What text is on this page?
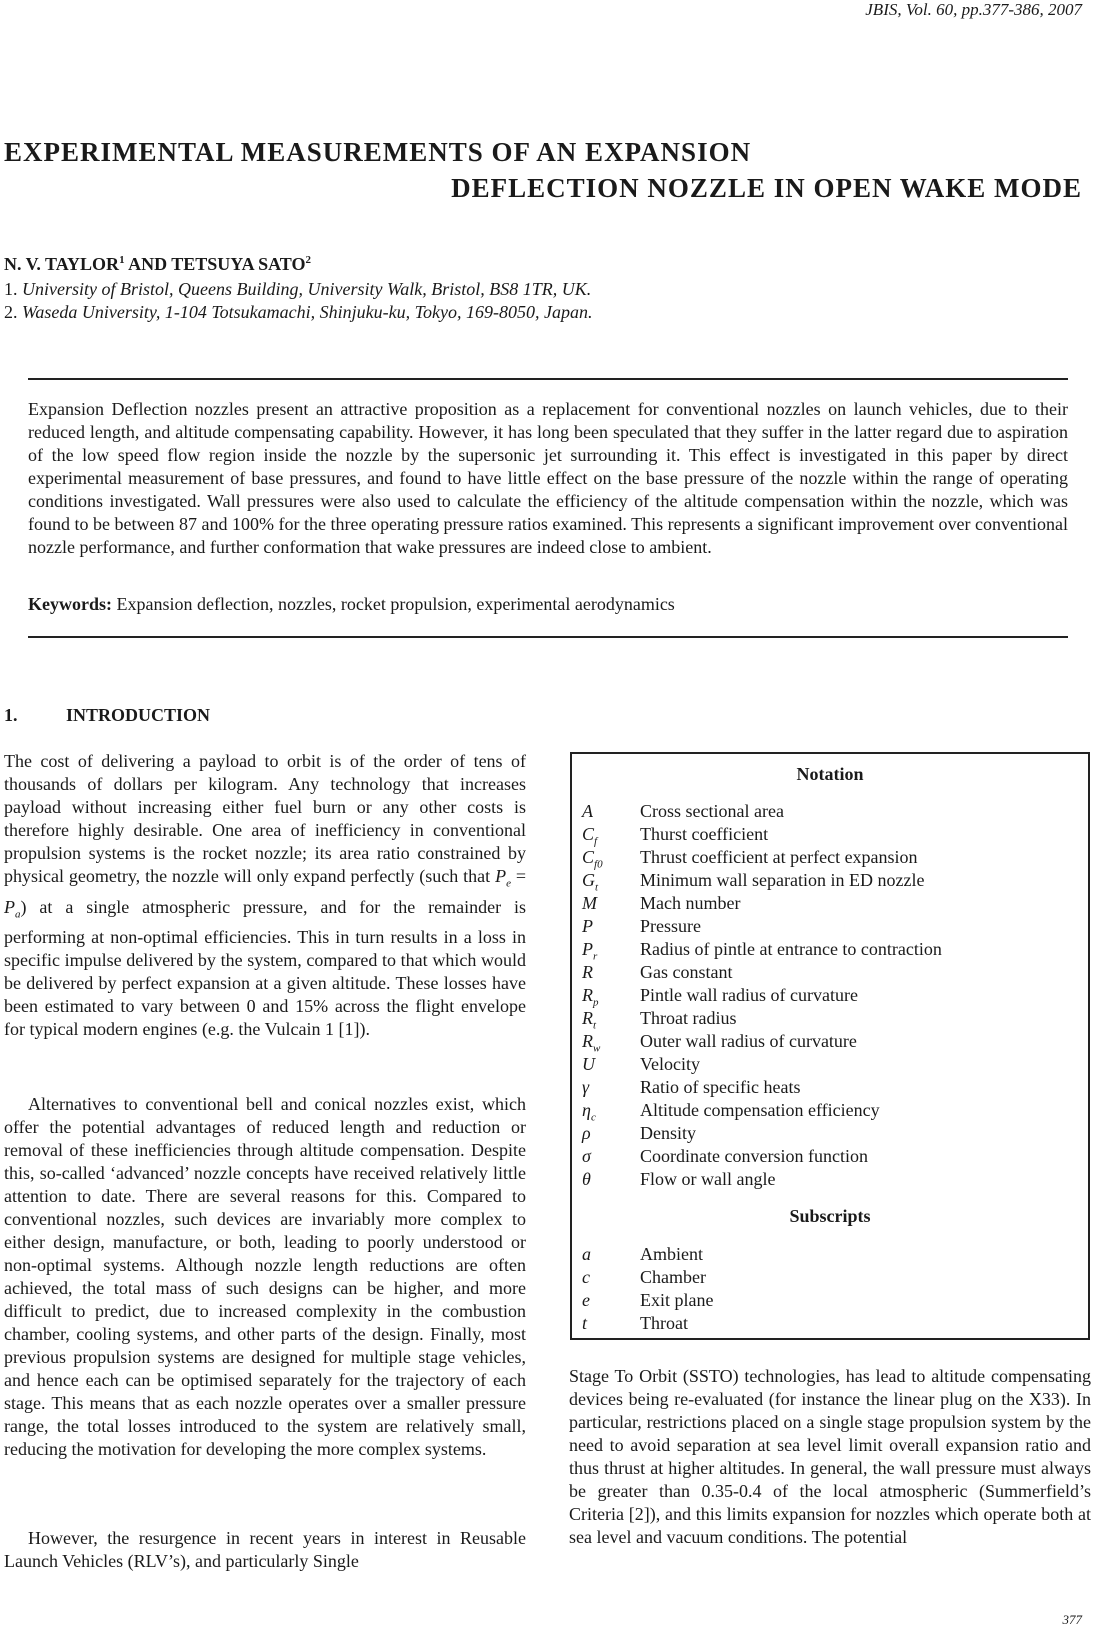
JBIS, Vol. 60, pp.377-386, 2007
EXPERIMENTAL MEASUREMENTS OF AN EXPANSION
DEFLECTION NOZZLE IN OPEN WAKE MODE
N. V. TAYLOR$^1$ AND TETSUYA SATO$^2$
1. University of Bristol, Queens Building, University Walk, Bristol, BS8 1TR, UK.
2. Waseda University, 1-104 Totsukamachi, Shinjuku-ku, Tokyo, 169-8050, Japan.
Expansion Deflection nozzles present an attractive proposition as a replacement for conventional nozzles on launch vehicles, due to their reduced length, and altitude compensating capability. However, it has long been speculated that they suffer in the latter regard due to aspiration of the low speed flow region inside the nozzle by the supersonic jet surrounding it. This effect is investigated in this paper by direct experimental measurement of base pressures, and found to have little effect on the base pressure of the nozzle within the range of operating conditions investigated. Wall pressures were also used to calculate the efficiency of the altitude compensation within the nozzle, which was found to be between 87 and 100% for the three operating pressure ratios examined. This represents a significant improvement over conventional nozzle performance, and further conformation that wake pressures are indeed close to ambient.
Keywords: Expansion deflection, nozzles, rocket propulsion, experimental aerodynamics
1.	INTRODUCTION

The cost of delivering a payload to orbit is of the order of tens of thousands of dollars per kilogram. Any technology that increases payload without increasing either fuel burn or any other costs is therefore highly desirable. One area of inefficiency in conventional propulsion systems is the rocket nozzle; its area ratio constrained by physical geometry, the nozzle will only expand perfectly (such that $P_e = P_a$) at a single atmospheric pressure, and for the remainder is performing at non-optimal efficiencies. This in turn results in a loss in specific impulse delivered by the system, compared to that which would be delivered by perfect expansion at a given altitude. These losses have been estimated to vary between 0 and 15% across the flight envelope for typical modern engines (e.g. the Vulcain 1 [1]).

Alternatives to conventional bell and conical nozzles exist, which offer the potential advantages of reduced length and reduction or removal of these inefficiencies through altitude compensation. Despite this, so-called ‘advanced’ nozzle concepts have received relatively little attention to date. There are several reasons for this. Compared to conventional nozzles, such devices are invariably more complex to either design, manufacture, or both, leading to poorly understood or non-optimal systems. Although nozzle length reductions are often achieved, the total mass of such designs can be higher, and more difficult to predict, due to increased complexity in the combustion chamber, cooling systems, and other parts of the design. Finally, most previous propulsion systems are designed for multiple stage vehicles, and hence each can be optimised separately for the trajectory of each stage. This means that as each nozzle operates over a smaller pressure range, the total losses introduced to the system are relatively small, reducing the motivation for developing the more complex systems.

However, the resurgence in recent years in interest in Reusable Launch Vehicles (RLV’s), and particularly Single

Notation
A	Cross sectional area
$C_f$ Thurst coefficient
$C_{f0}$ Thrust coefficient at perfect expansion
$G_t$ Minimum wall separation in ED nozzle
M Mach number
P	Pressure
$P_r$ Radius of pintle at entrance to contraction
R	Gas constant
$R_p$ Pintle wall radius of curvature
$R_t$ Throat radius
$R_w$ Outer wall radius of curvature
U	Velocity
γ	Ratio of specific heats
$\eta_c$ Altitude compensation efficiency
ρ	Density
σ	Coordinate conversion function
θ	Flow or wall angle
Subscripts
a	Ambient
c	Chamber
e	Exit plane
t	Throat

Stage To Orbit (SSTO) technologies, has lead to altitude compensating devices being re-evaluated (for instance the linear plug on the X33). In particular, restrictions placed on a single stage propulsion system by the need to avoid separation at sea level limit overall expansion ratio and thus thrust at higher altitudes. In general, the wall pressure must always be greater than 0.35-0.4 of the local atmospheric (Summerfield’s Criteria [2]), and this limits expansion for nozzles which operate both at sea level and vacuum conditions. The potential

377
